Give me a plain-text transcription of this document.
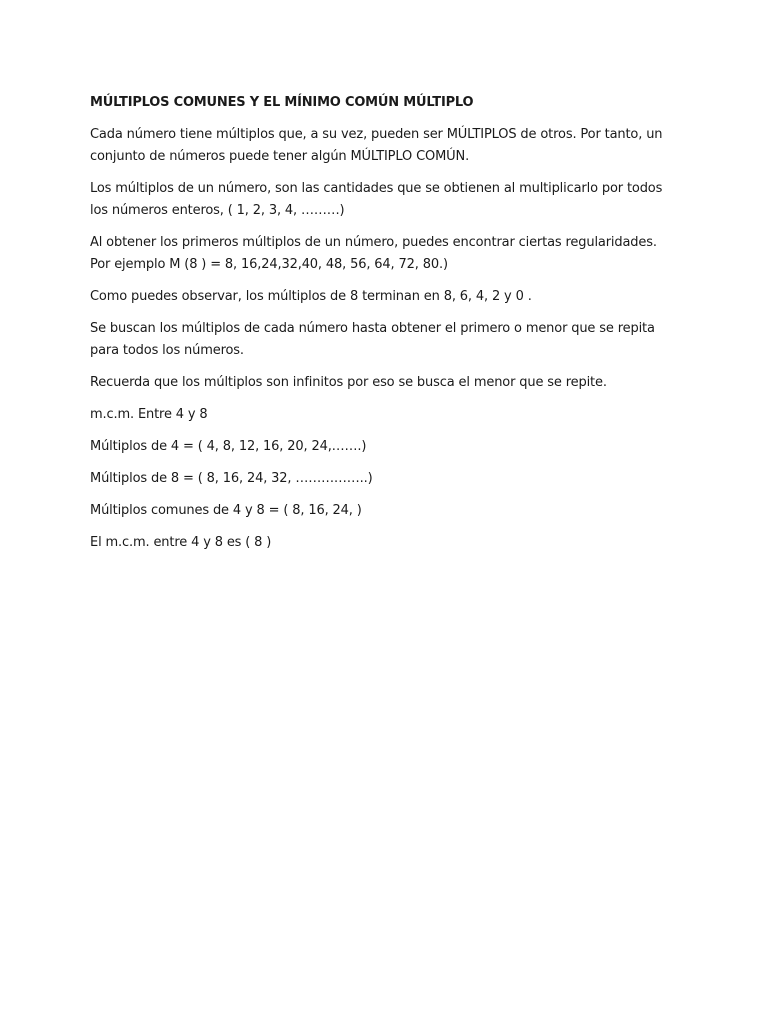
MÚLTIPLOS COMUNES Y EL MÍNIMO COMÚN MÚLTIPLO

Cada número tiene múltiplos que, a su vez, pueden ser MÚLTIPLOS de otros. Por tanto, un conjunto de números puede tener algún MÚLTIPLO COMÚN.

Los múltiplos de un número, son las cantidades que se obtienen al multiplicarlo por todos los números enteros, ( 1, 2, 3, 4, ………)

Al obtener los primeros múltiplos de un número, puedes encontrar ciertas regularidades. Por ejemplo M (8 ) = 8, 16,24,32,40, 48, 56, 64, 72, 80.)

Como puedes observar, los múltiplos de 8 terminan en 8, 6, 4, 2 y 0 .

Se buscan los múltiplos de cada número hasta obtener el primero o menor que se repita para todos los números.

Recuerda que los múltiplos son infinitos por eso se busca el menor que se repite.

m.c.m. Entre 4 y 8

Múltiplos de 4 = ( 4, 8, 12, 16, 20, 24,…….)

Múltiplos de 8 = ( 8, 16, 24, 32, ……………..)

Múltiplos comunes de 4 y 8 = ( 8, 16, 24, )

El m.c.m. entre 4 y 8 es ( 8 )
